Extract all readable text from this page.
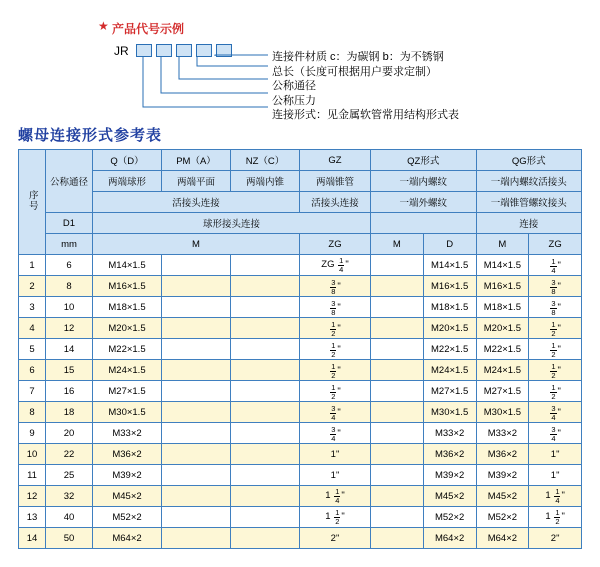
★ 产品代号示例
JR	连接件材质 c：为碳钢 b：为不锈钢
总长（长度可根据用户要求定制）
公称通径
公称压力
连接形式：见金属软管常用结构形式表
螺母连接形式参考表
序号	公称通径	Q（D）	PM（A）	NZ（C）	GZ	QZ形式		QG形式	
		两端球形	两端平面	两端内锥	两端锥管	一端内螺纹		一端内螺纹活接头	
		活接头连接			活接头连接	一端外螺纹		一端锥管螺纹接头	
	D1	球形接头连接						连接	
	mm	M			ZG	M	D	M	ZG
1	6	M14×1.5			ZG $\frac{1}{4}$ "		M14×1.5	M14×1.5	$\frac{1}{4}$ "
2	8	M16×1.5			$\frac{3}{8}$ "		M16×1.5	M16×1.5	$\frac{3}{8}$ "
3	10	M18×1.5			$\frac{3}{8}$ "		M18×1.5	M18×1.5	$\frac{3}{8}$ "
4	12	M20×1.5			$\frac{1}{2}$ "		M20×1.5	M20×1.5	$\frac{1}{2}$ "
5	14	M22×1.5			$\frac{1}{2}$ "		M22×1.5	M22×1.5	$\frac{1}{2}$ "
6	15	M24×1.5			$\frac{1}{2}$ "		M24×1.5	M24×1.5	$\frac{1}{2}$ "
7	16	M27×1.5			$\frac{1}{2}$ "		M27×1.5	M27×1.5	$\frac{1}{2}$ "
8	18	M30×1.5			$\frac{3}{4}$ "		M30×1.5	M30×1.5	$\frac{3}{4}$ "
9	20	M33×2			$\frac{3}{4}$ "		M33×2	M33×2	$\frac{3}{4}$ "
10	22	M36×2			1"		M36×2	M36×2	1"
11	25	M39×2			1"		M39×2	M39×2	1"
12	32	M45×2			$1 \frac{1}{4}$ "		M45×2	M45×2	$1 \frac{1}{4}$ "
13	40	M52×2			$1 \frac{1}{2}$ "		M52×2	M52×2	$1 \frac{1}{2}$ "
14	50	M64×2			2"		M64×2	M64×2	2"
